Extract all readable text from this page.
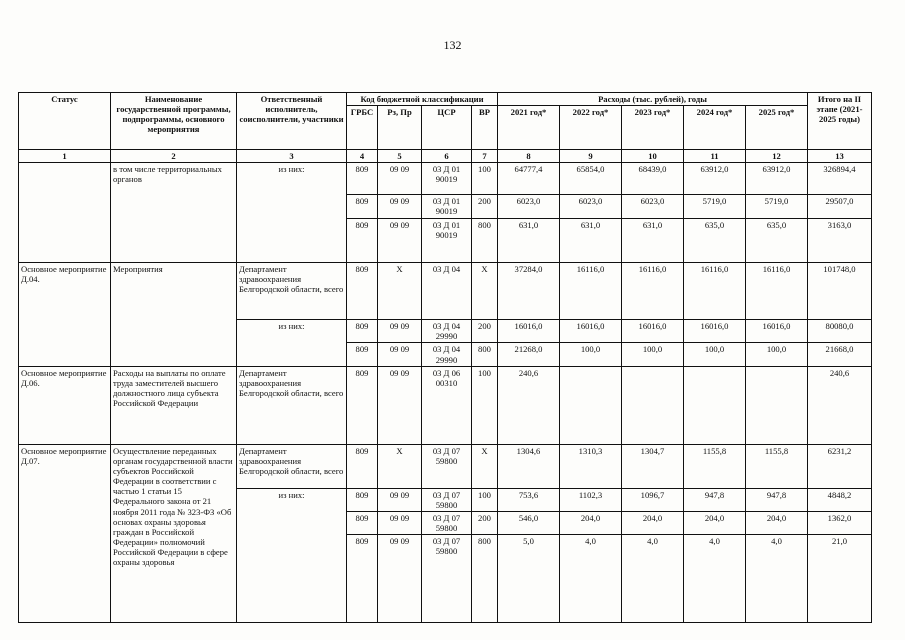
132
Статус	Наименование государственной программы, подпрограммы, основного мероприятия	Ответственный исполнитель, соисполнители, участники	Код бюджетной классификации				Расходы (тыс. рублей), годы					Итого на II этапе (2021-2025 годы)
			ГРБС	Рз, Пр	ЦСР	ВР	2021 год*	2022 год*	2023 год*	2024 год*	2025 год*	
1	2	3	4	5	6	7	8	9	10	11	12	13
	в том числе территориальных органов	из них:	809	09 09	03 Д 01 90019	100	64777,4	65854,0	68439,0	63912,0	63912,0	326894,4
			809	09 09	03 Д 01 90019	200	6023,0	6023,0	6023,0	5719,0	5719,0	29507,0
			809	09 09	03 Д 01 90019	800	631,0	631,0	631,0	635,0	635,0	3163,0
Основное мероприятие Д.04.	Мероприятия	Департамент здравоохранения Белгородской области, всего	809	Х	03 Д 04	Х	37284,0	16116,0	16116,0	16116,0	16116,0	101748,0
		из них:	809	09 09	03 Д 04 29990	200	16016,0	16016,0	16016,0	16016,0	16016,0	80080,0
			809	09 09	03 Д 04 29990	800	21268,0	100,0	100,0	100,0	100,0	21668,0
Основное мероприятие Д.06.	Расходы на выплаты по оплате труда заместителей высшего должностного лица субъекта Российской Федерации	Департамент здравоохранения Белгородской области, всего	809	09 09	03 Д 06 00310	100	240,6					240,6
Основное мероприятие Д.07.	Осуществление переданных органам государственной власти субъектов Российской Федерации в соответствии с частью 1 статьи 15 Федерального закона от 21 ноября 2011 года № 323-ФЗ «Об основах охраны здоровья граждан в Российской Федерации» полномочий Российской Федерации в сфере охраны здоровья	Департамент здравоохранения Белгородской области, всего	809	Х	03 Д 07 59800	Х	1304,6	1310,3	1304,7	1155,8	1155,8	6231,2
		из них:	809	09 09	03 Д 07 59800	100	753,6	1102,3	1096,7	947,8	947,8	4848,2
			809	09 09	03 Д 07 59800	200	546,0	204,0	204,0	204,0	204,0	1362,0
			809	09 09	03 Д 07 59800	800	5,0	4,0	4,0	4,0	4,0	21,0
